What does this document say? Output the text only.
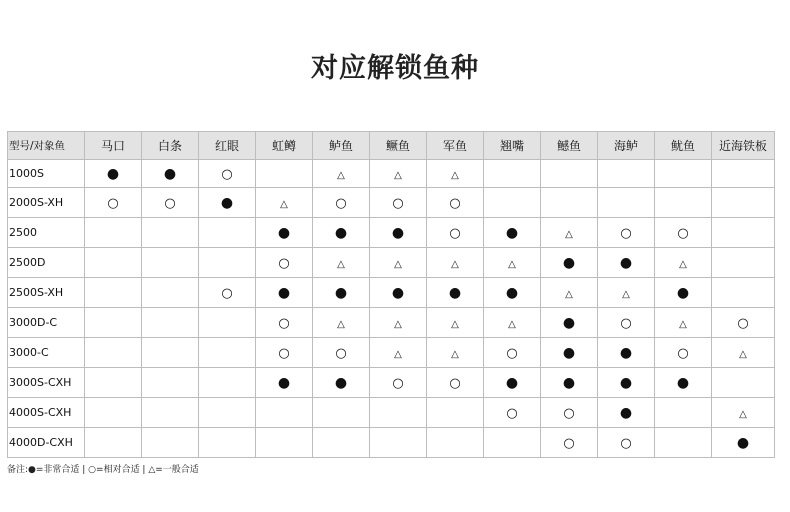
对应解锁鱼种
型号/对象鱼	马口	白条	红眼	虹鳟	鲈鱼	鳜鱼	军鱼	翘嘴	鳡鱼	海鲈	鱿鱼	近海铁板
1000S	●	●	○		△	△	△					
2000S-XH	○	○	●	△	○	○	○					
2500				●	●	●	○	●	△	○	○	
2500D				○	△	△	△	△	●	●	△	
2500S-XH			○	●	●	●	●	●	△	△	●	
3000D-C				○	△	△	△	△	●	○	△	○
3000-C				○	○	△	△	○	●	●	○	△
3000S-CXH				●	●	○	○	●	●	●	●	
4000S-CXH								○	○	●		△
4000D-CXH									○	○		●
备注:●=非常合适 | ○=相对合适 | △=一般合适
